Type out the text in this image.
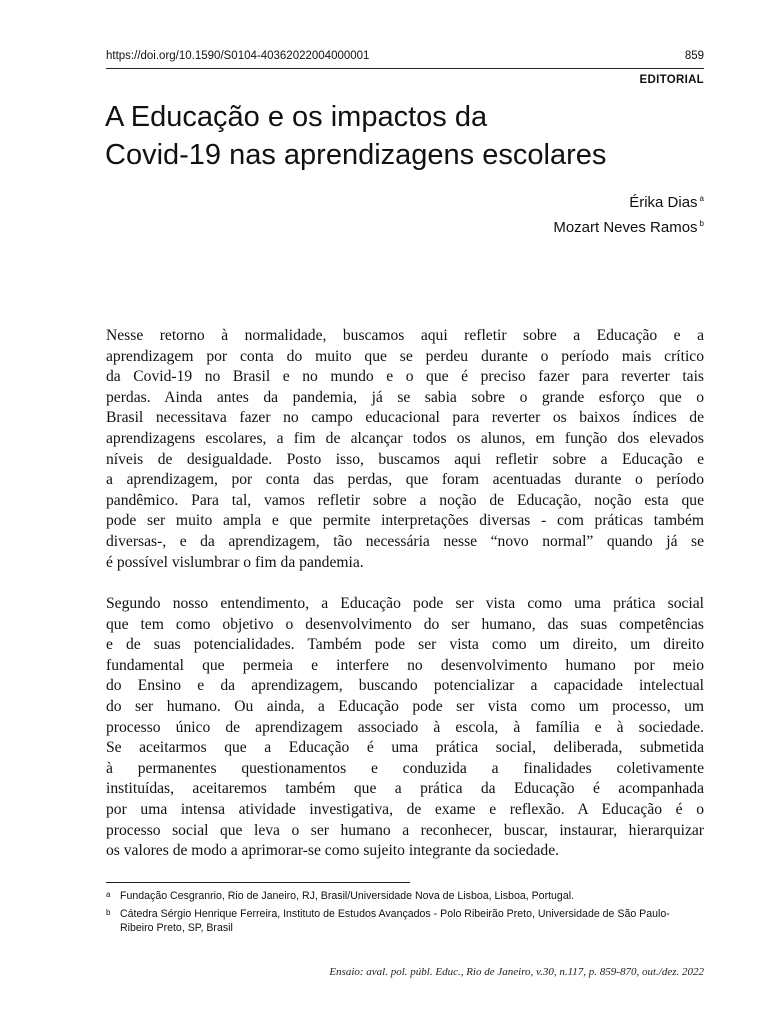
https://doi.org/10.1590/S0104-40362022004000001	859
EDITORIAL
A Educação e os impactos da
Covid-19 nas aprendizagens escolares
Érika Dias $^a$
Mozart Neves Ramos $^b$
Nesse retorno à normalidade, buscamos aqui refletir sobre a Educação e a
aprendizagem por conta do muito que se perdeu durante o período mais crítico
da Covid-19 no Brasil e no mundo e o que é preciso fazer para reverter tais
perdas. Ainda antes da pandemia, já se sabia sobre o grande esforço que o
Brasil necessitava fazer no campo educacional para reverter os baixos índices de
aprendizagens escolares, a fim de alcançar todos os alunos, em função dos elevados
níveis de desigualdade. Posto isso, buscamos aqui refletir sobre a Educação e
a aprendizagem, por conta das perdas, que foram acentuadas durante o período
pandêmico. Para tal, vamos refletir sobre a noção de Educação, noção esta que
pode ser muito ampla e que permite interpretações diversas - com práticas também
diversas-, e da aprendizagem, tão necessária nesse “novo normal” quando já se
é possível vislumbrar o fim da pandemia.
Segundo nosso entendimento, a Educação pode ser vista como uma prática social
que tem como objetivo o desenvolvimento do ser humano, das suas competências
e de suas potencialidades. Também pode ser vista como um direito, um direito
fundamental que permeia e interfere no desenvolvimento humano por meio
do Ensino e da aprendizagem, buscando potencializar a capacidade intelectual
do ser humano. Ou ainda, a Educação pode ser vista como um processo, um
processo único de aprendizagem associado à escola, à família e à sociedade.
Se aceitarmos que a Educação é uma prática social, deliberada, submetida
à permanentes questionamentos e conduzida a finalidades coletivamente
instituídas, aceitaremos também que a prática da Educação é acompanhada
por uma intensa atividade investigativa, de exame e reflexão. A Educação é o
processo social que leva o ser humano a reconhecer, buscar, instaurar, hierarquizar
os valores de modo a aprimorar-se como sujeito integrante da sociedade.
a Fundação Cesgranrio, Rio de Janeiro, RJ, Brasil/Universidade Nova de Lisboa, Lisboa, Portugal.
b Cátedra Sérgio Henrique Ferreira, Instituto de Estudos Avançados - Polo Ribeirão Preto, Universidade de São Paulo- Ribeiro Preto, SP, Brasil
Ensaio: aval. pol. públ. Educ., Rio de Janeiro, v.30, n.117, p. 859-870, out./dez. 2022
